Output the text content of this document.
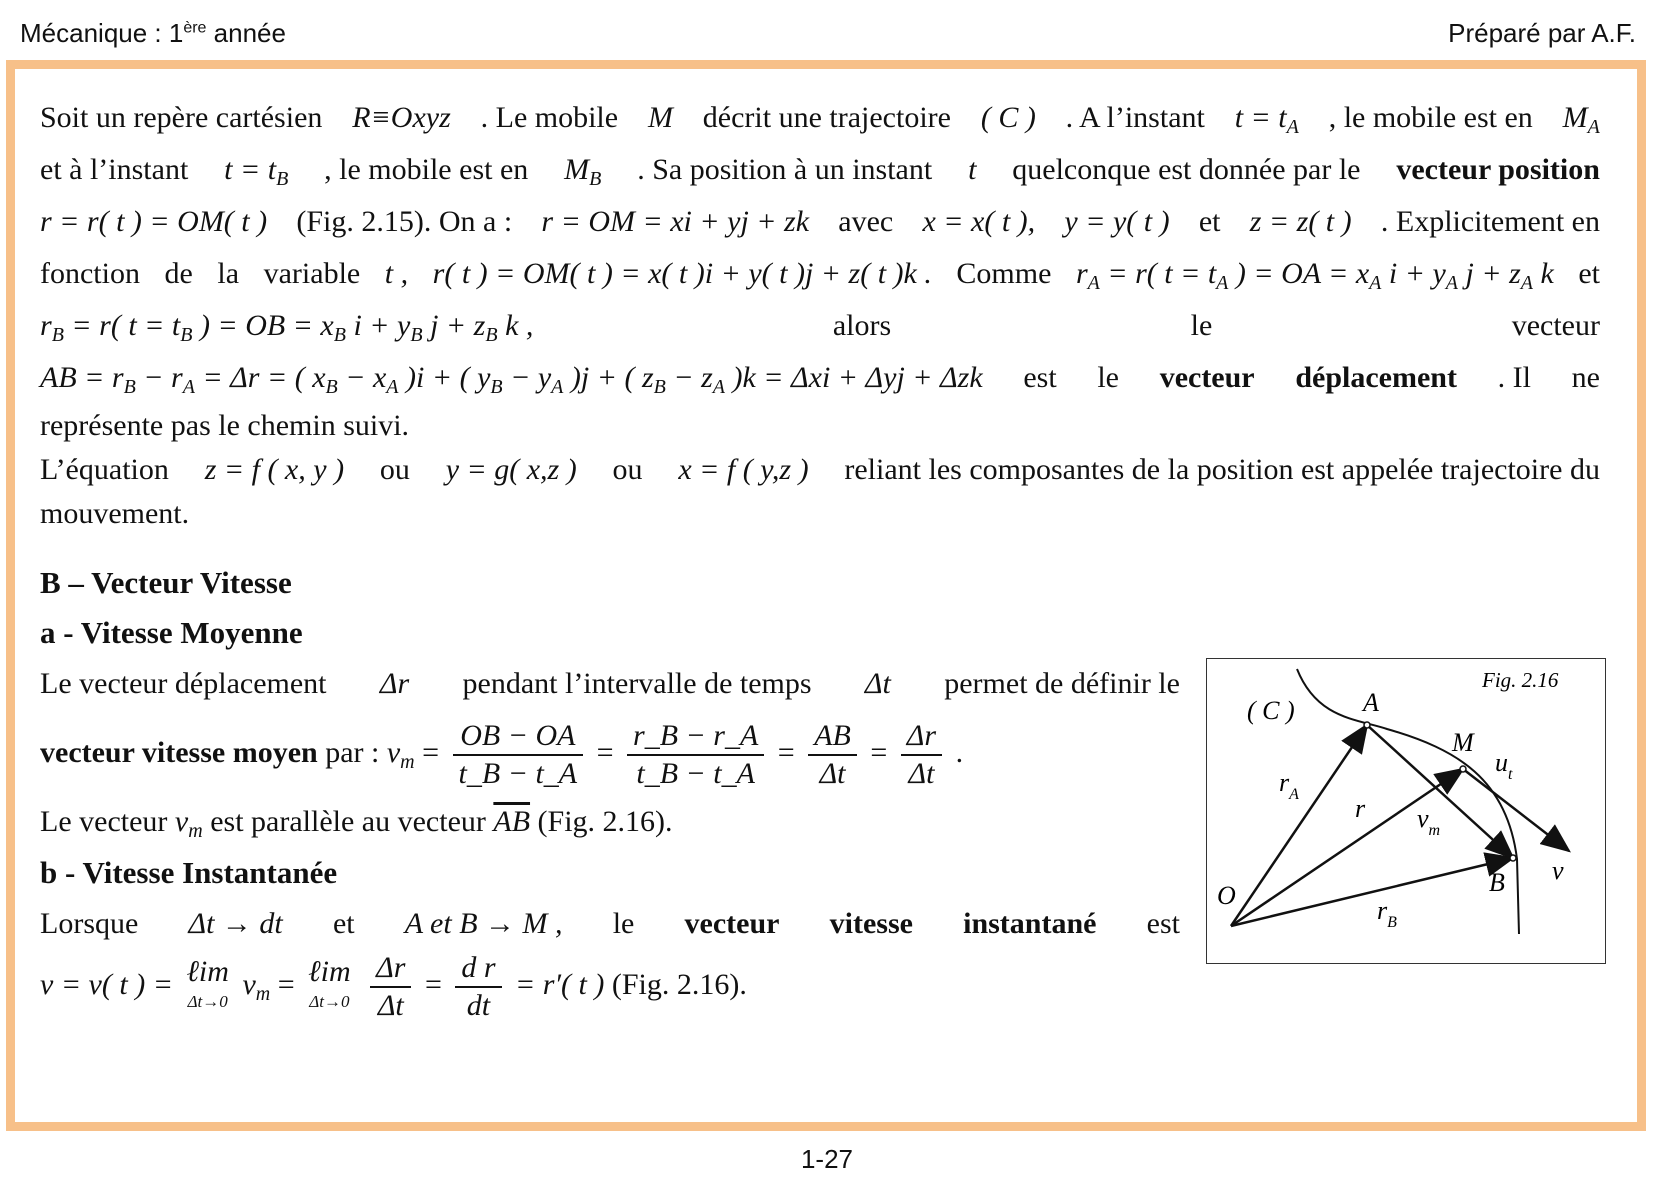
Mécanique : 1ère année	Préparé par A.F.
Soit un repère cartésien R≡Oxyz . Le mobile M décrit une trajectoire ( C ) . A l’instant $t = t_A$ , le mobile est en $M_A$
et à l’instant $t = t_B$ , le mobile est en $M_B$ . Sa position à un instant t quelconque est donnée par le vecteur position
r = r( t ) = OM( t ) (Fig. 2.15). On a : r = OM = xi + yj + zk avec x = x( t ), y = y( t ) et z = z( t ) . Explicitement en
fonction de la variable t , r( t ) = OM( t ) = x( t )i + y( t )j + z( t )k . Comme $r_A = r$( $t = t_A$ ) = OA = $x_A$ $i + y_A$ $j + z_A$ k et
$r_B = r$( $t = t_B$ ) = OB = $x_B$ $i + y_B$ $j + z_B$ k ,	alors	le	vecteur
AB = $r_B - r_A = \Delta r$ = ( $x_B - x_A$ )i + ( $y_B - y_A$ )j + ( $z_B - z_A$ )k = Δxi + Δyj + Δzk est le vecteur déplacement . Il ne
représente pas le chemin suivi.
L’équation z = f ( x, y ) ou y = g( x,z ) ou x = f ( y,z ) reliant les composantes de la position est appelée trajectoire du
mouvement.
B – Vecteur Vitesse
a - Vitesse Moyenne
Le vecteur déplacement Δr pendant l’intervalle de temps Δt permet de définir le
vecteur vitesse moyen par : $v_m = \frac{OB - OA}{t\_B - t\_A} = \frac{r\_B - r\_A}{t\_B - t\_A} = \frac{AB}{\Delta t} = \frac{\Delta r}{\Delta t}$ .
Le vecteur $v_m$ est parallèle au vecteur $\overline{AB}$ (Fig. 2.16).
b - Vitesse Instantanée
Lorsque Δt → dt et A et B → M , le vecteur vitesse instantané est
v = v( t ) = ℓim
Δt→0
$v_m$ = ℓim
Δt→0
$\frac{\Delta r}{\Delta t} = \frac{\text{d r}}{dt} = r'$( t ) (Fig. 2.16).
Fig. 2.16
( C )	A
M
$u_t$
$r_A$ r $v_m$
v
O	B
$r_B$
1-27
